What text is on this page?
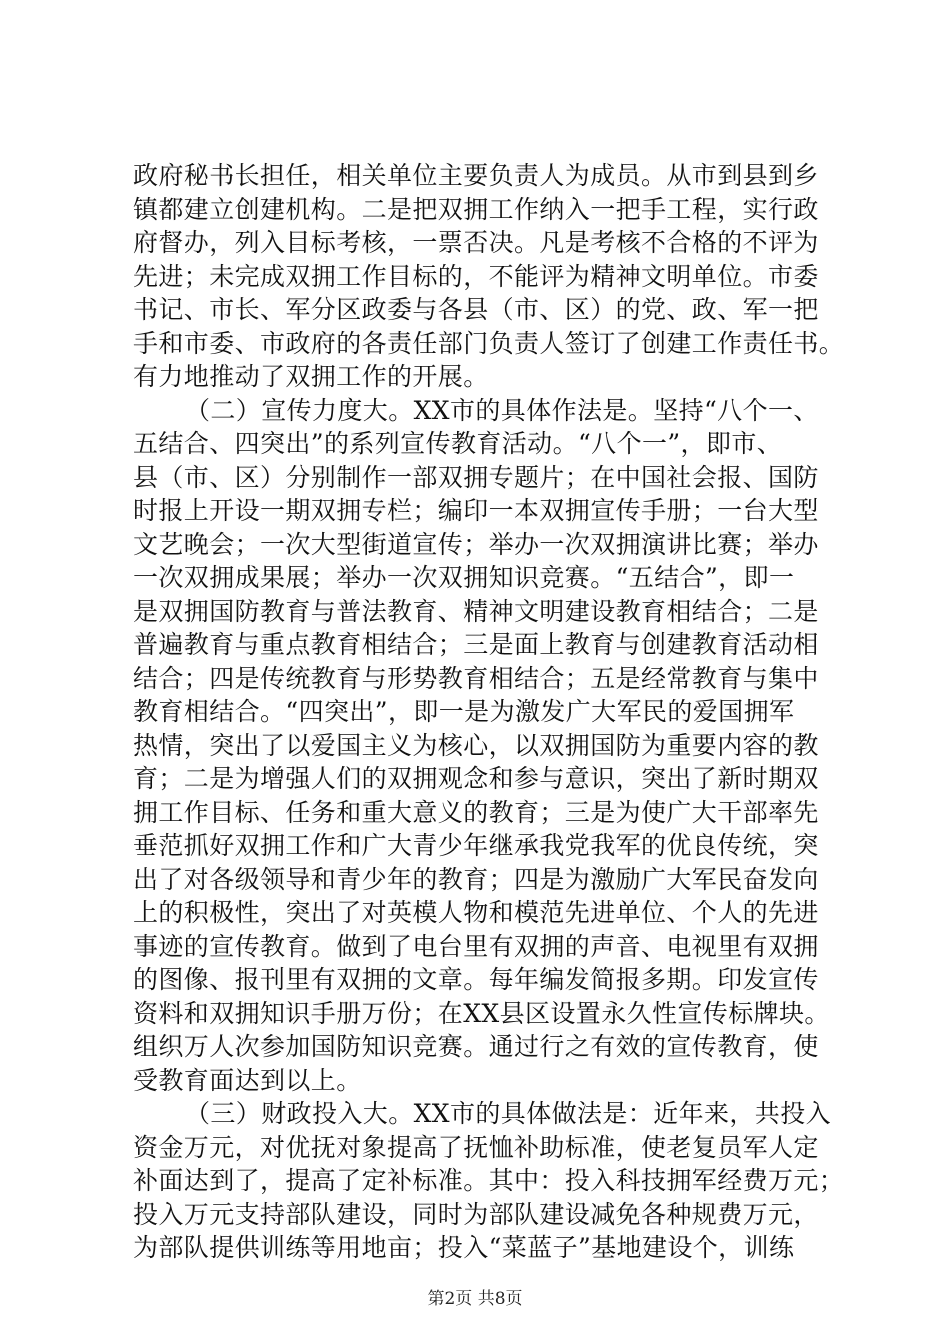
政府秘书长担任，相关单位主要负责人为成员。从市到县到乡
镇都建立创建机构。二是把双拥工作纳入一把手工程，实行政
府督办，列入目标考核，一票否决。凡是考核不合格的不评为
先进；未完成双拥工作目标的，不能评为精神文明单位。市委
书记、市长、军分区政委与各县（市、区）的党、政、军一把
手和市委、市政府的各责任部门负责人签订了创建工作责任书。
有力地推动了双拥工作的开展。
（二）宣传力度大。XX市的具体作法是。坚持“八个一、
五结合、四突出”的系列宣传教育活动。“八个一”，即市、
县（市、区）分别制作一部双拥专题片；在中国社会报、国防
时报上开设一期双拥专栏；编印一本双拥宣传手册；一台大型
文艺晚会；一次大型街道宣传；举办一次双拥演讲比赛；举办
一次双拥成果展；举办一次双拥知识竞赛。“五结合”，即一
是双拥国防教育与普法教育、精神文明建设教育相结合；二是
普遍教育与重点教育相结合；三是面上教育与创建教育活动相
结合；四是传统教育与形势教育相结合；五是经常教育与集中
教育相结合。“四突出”，即一是为激发广大军民的爱国拥军
热情，突出了以爱国主义为核心，以双拥国防为重要内容的教
育；二是为增强人们的双拥观念和参与意识，突出了新时期双
拥工作目标、任务和重大意义的教育；三是为使广大干部率先
垂范抓好双拥工作和广大青少年继承我党我军的优良传统，突
出了对各级领导和青少年的教育；四是为激励广大军民奋发向
上的积极性，突出了对英模人物和模范先进单位、个人的先进
事迹的宣传教育。做到了电台里有双拥的声音、电视里有双拥
的图像、报刊里有双拥的文章。每年编发简报多期。印发宣传
资料和双拥知识手册万份；在XX县区设置永久性宣传标牌块。
组织万人次参加国防知识竞赛。通过行之有效的宣传教育，使
受教育面达到以上。
（三）财政投入大。XX市的具体做法是：近年来，共投入
资金万元，对优抚对象提高了抚恤补助标准，使老复员军人定
补面达到了，提高了定补标准。其中：投入科技拥军经费万元；
投入万元支持部队建设，同时为部队建设减免各种规费万元，
为部队提供训练等用地亩；投入“菜蓝子”基地建设个，训练
第2页 共8页
